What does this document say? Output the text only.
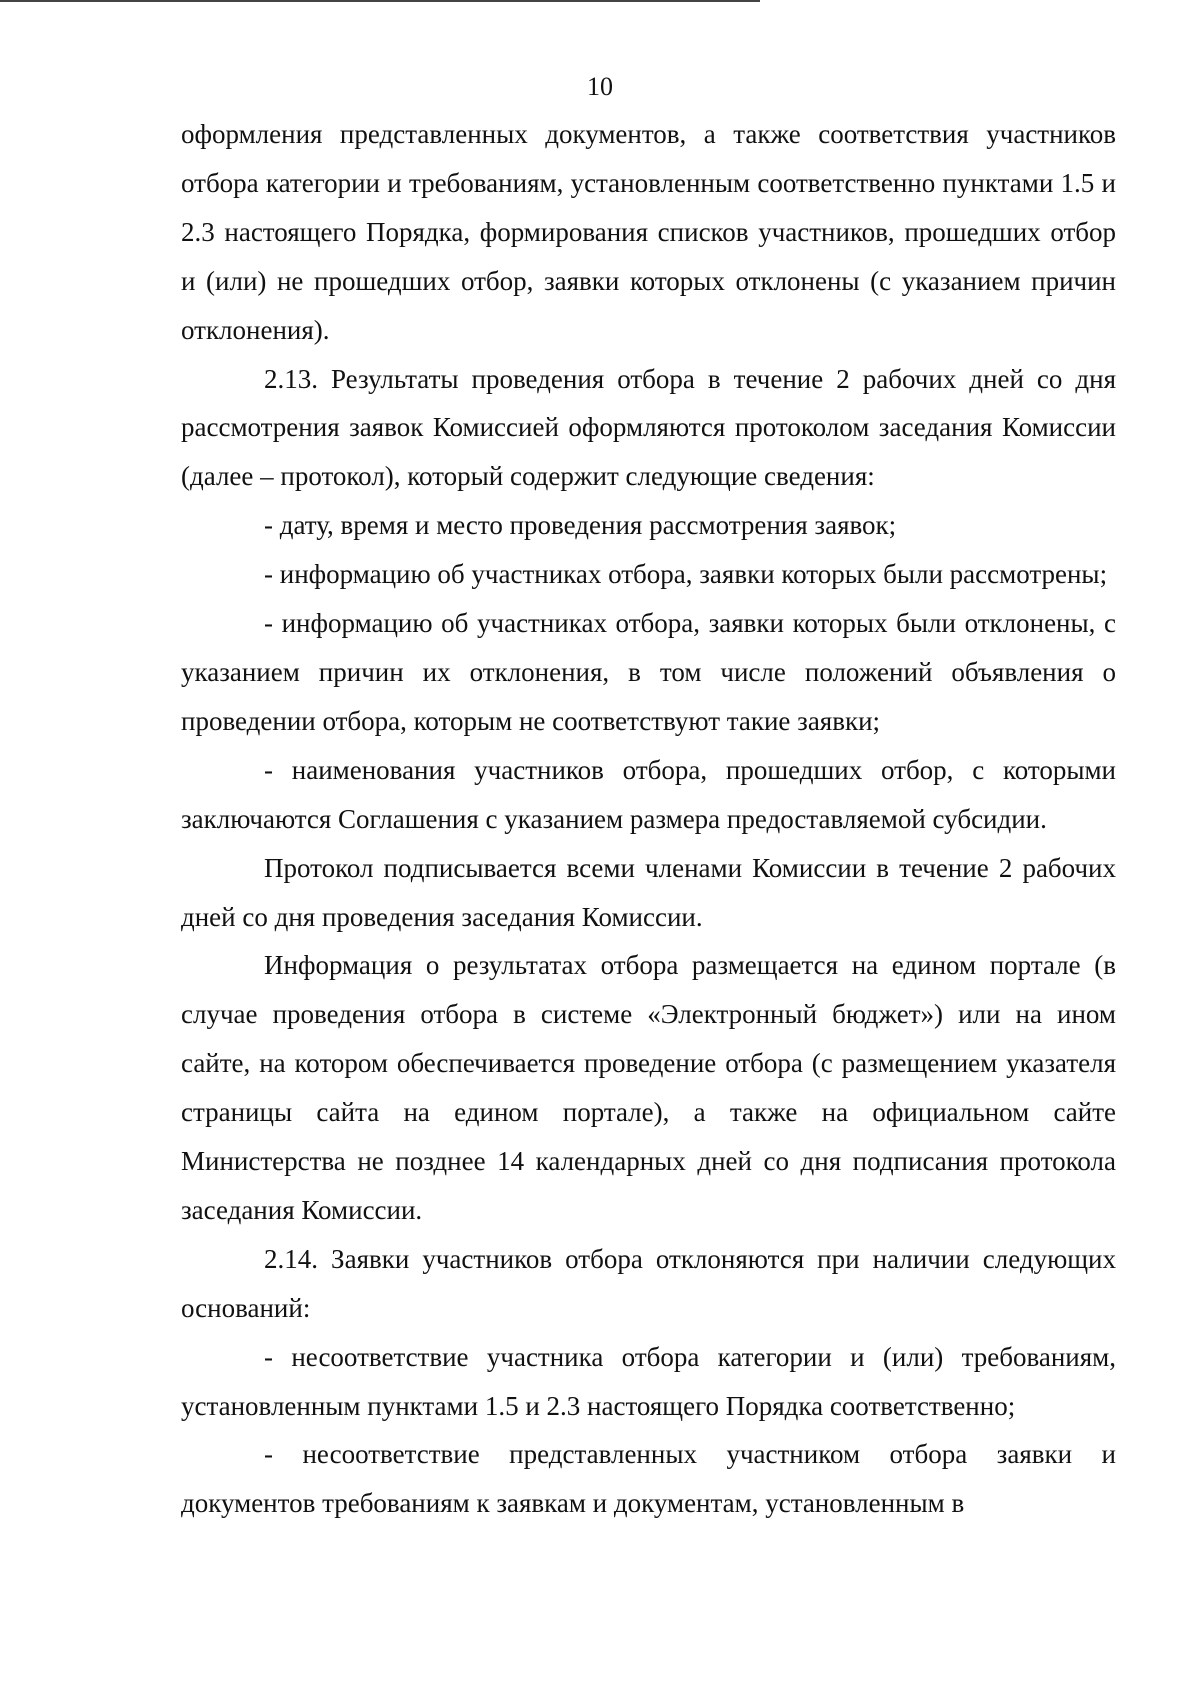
10

оформления представленных документов, а также соответствия участников отбора категории и требованиям, установленным соответственно пунктами 1.5 и 2.3 настоящего Порядка, формирования списков участников, прошедших отбор и (или) не прошедших отбор, заявки которых отклонены (с указанием причин отклонения).

2.13. Результаты проведения отбора в течение 2 рабочих дней со дня рассмотрения заявок Комиссией оформляются протоколом заседания Комиссии (далее – протокол), который содержит следующие сведения:

- дату, время и место проведения рассмотрения заявок;

- информацию об участниках отбора, заявки которых были рассмотрены;

- информацию об участниках отбора, заявки которых были отклонены, с указанием причин их отклонения, в том числе положений объявления о проведении отбора, которым не соответствуют такие заявки;

- наименования участников отбора, прошедших отбор, с которыми заключаются Соглашения с указанием размера предоставляемой субсидии.

Протокол подписывается всеми членами Комиссии в течение 2 рабочих дней со дня проведения заседания Комиссии.

Информация о результатах отбора размещается на едином портале (в случае проведения отбора в системе «Электронный бюджет») или на ином сайте, на котором обеспечивается проведение отбора (с размещением указателя страницы сайта на едином портале), а также на официальном сайте Министерства не позднее 14 календарных дней со дня подписания протокола заседания Комиссии.

2.14. Заявки участников отбора отклоняются при наличии следующих оснований:

- несоответствие участника отбора категории и (или) требованиям, установленным пунктами 1.5 и 2.3 настоящего Порядка соответственно;

- несоответствие представленных участником отбора заявки и документов требованиям к заявкам и документам, установленным в
